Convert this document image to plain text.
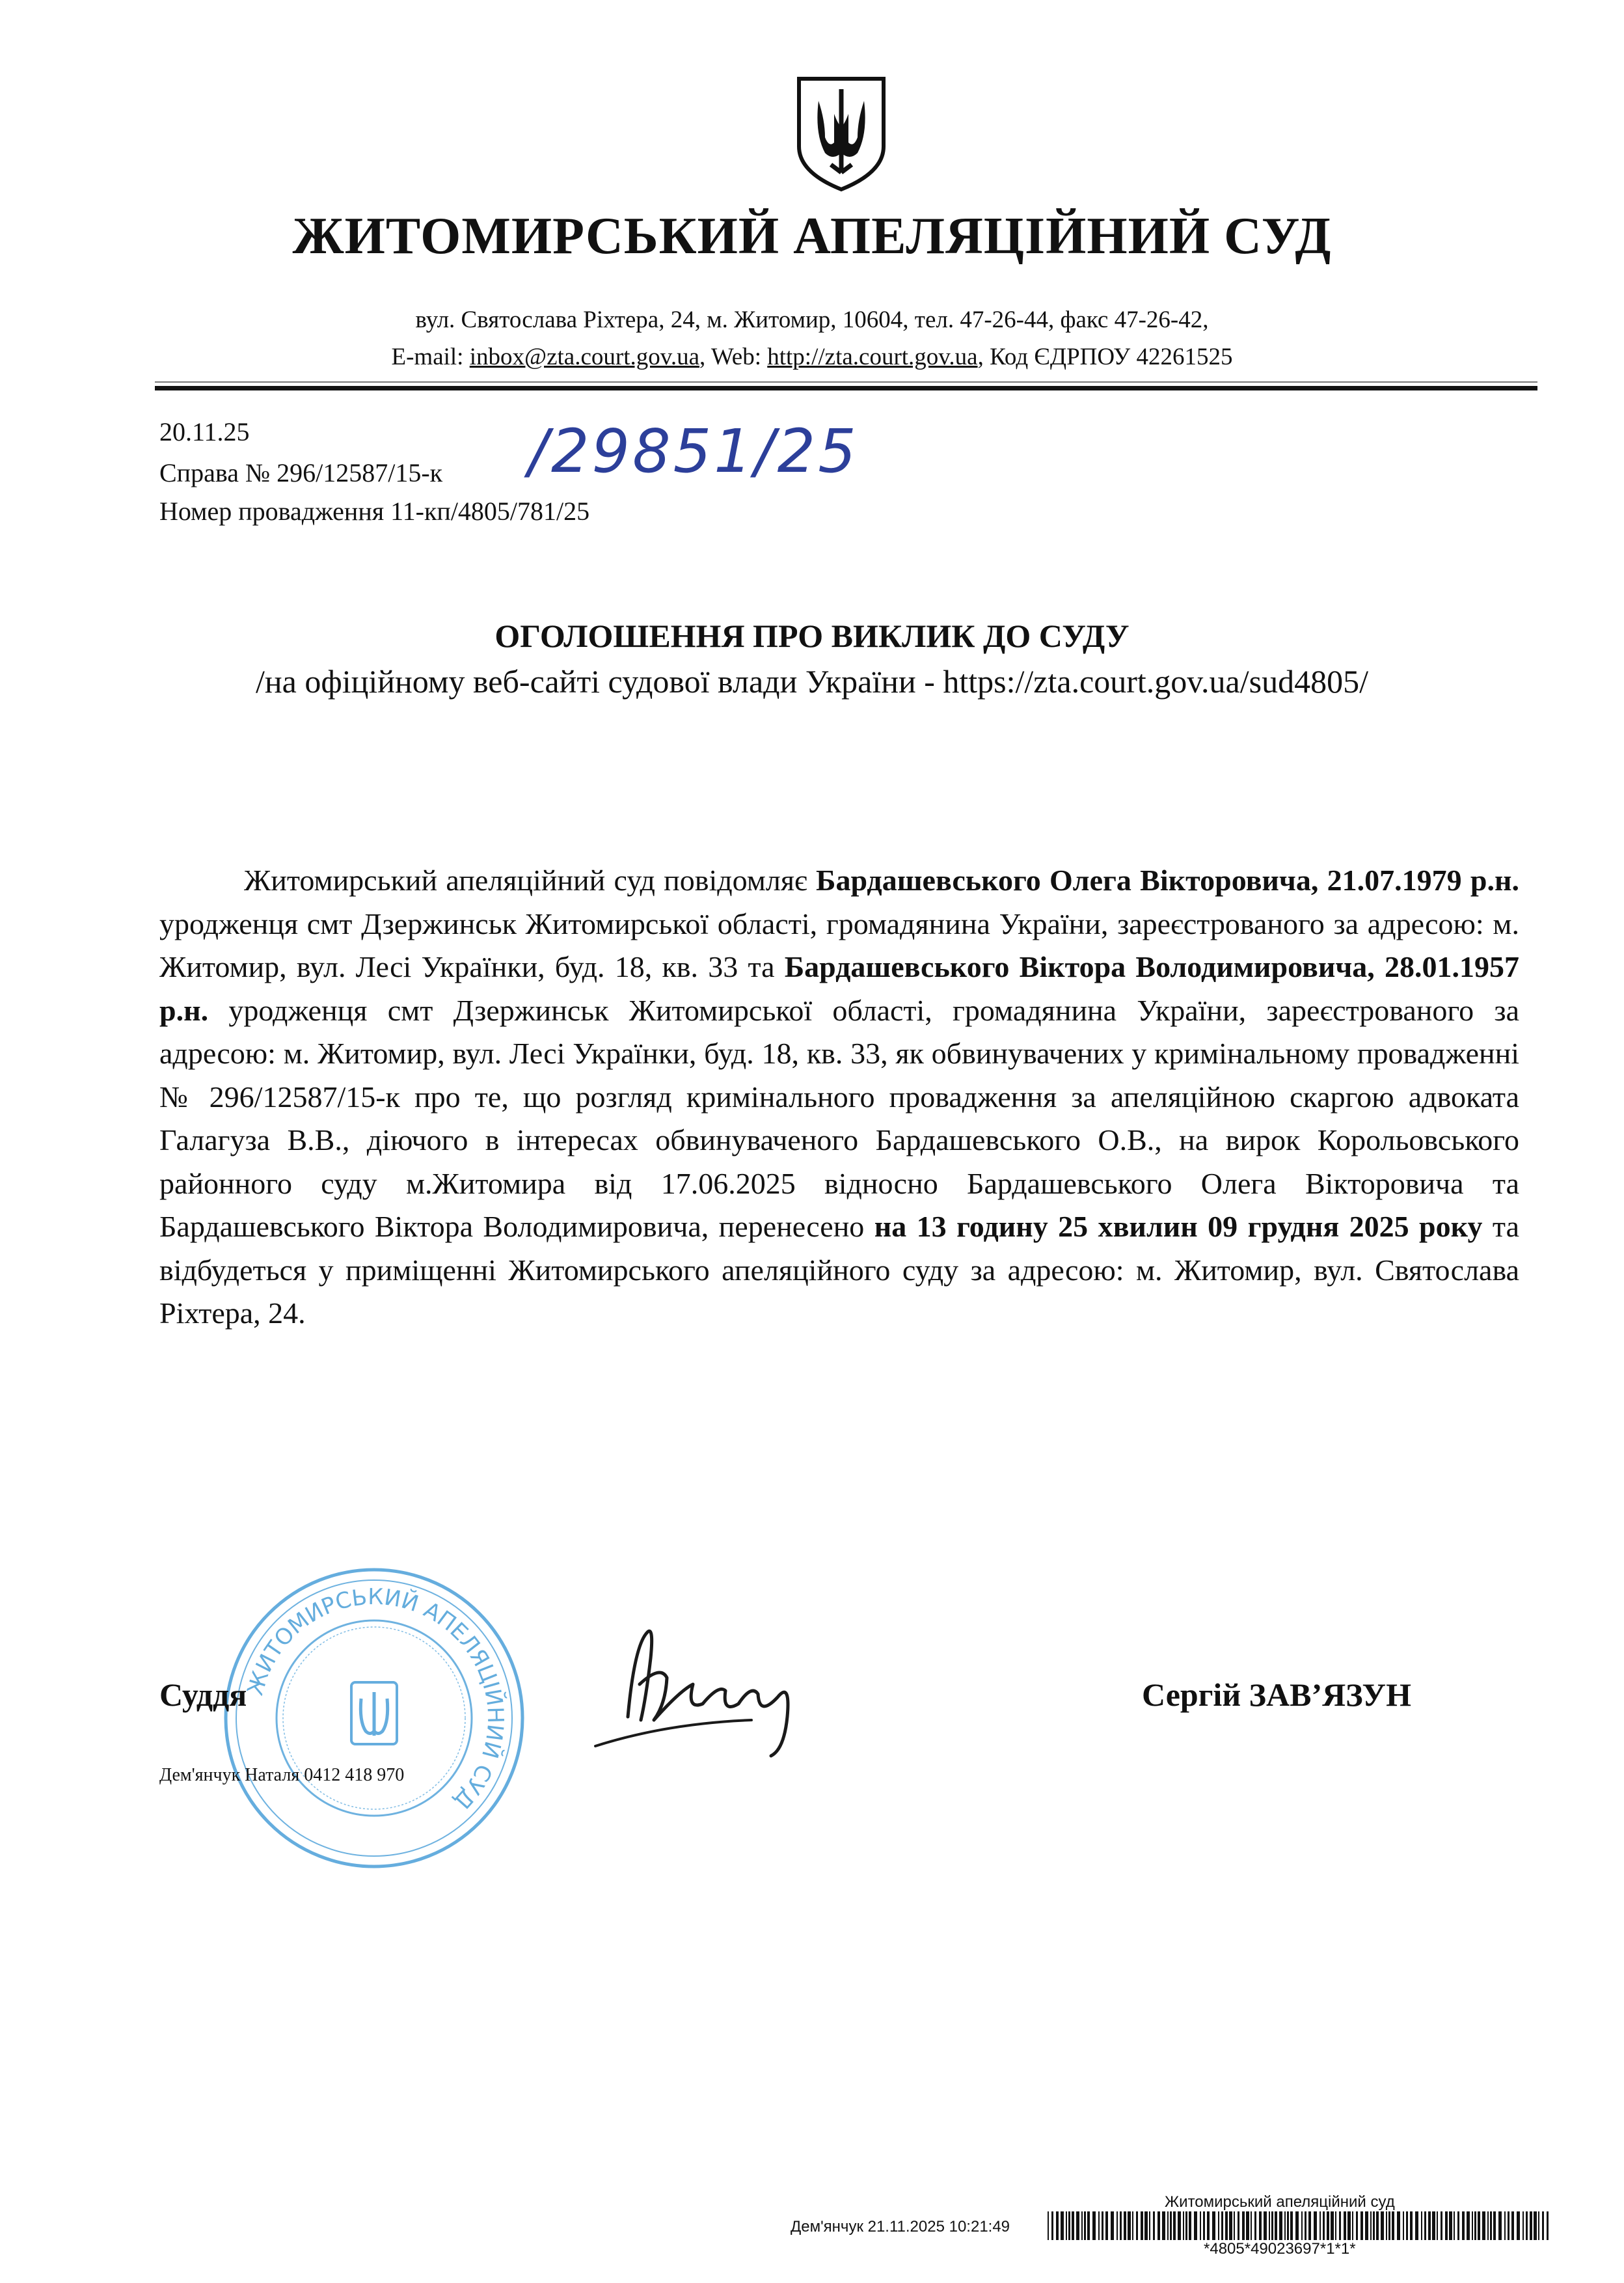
ЖИТОМИРСЬКИЙ АПЕЛЯЦІЙНИЙ СУД
вул. Святослава Ріхтера, 24, м. Житомир, 10604, тел. 47-26-44, факс 47-26-42,
E-mail: inbox@zta.court.gov.ua, Web: http://zta.court.gov.ua, Код ЄДРПОУ 42261525
20.11.25
Справа № 296/12587/15-к
Номер провадження 11-кп/4805/781/25
/29851/25
ОГОЛОШЕННЯ ПРО ВИКЛИК ДО СУДУ
/на офіційному веб-сайті судової влади України - https://zta.court.gov.ua/sud4805/
Житомирський апеляційний суд повідомляє Бардашевського Олега Вікторовича, 21.07.1979 р.н. уродженця смт Дзержинськ Житомирської області, громадянина України, зареєстрованого за адресою: м. Житомир, вул. Лесі Українки, буд. 18, кв. 33 та Бардашевського Віктора Володимировича, 28.01.1957 р.н. уродженця смт Дзержинськ Житомирської області, громадянина України, зареєстрованого за адресою: м. Житомир, вул. Лесі Українки, буд. 18, кв. 33, як обвинувачених у кримінальному провадженні № 296/12587/15-к про те, що розгляд кримінального провадження за апеляційною скаргою адвоката Галагуза В.В., діючого в інтересах обвинуваченого Бардашевського О.В., на вирок Корольовського районного суду м.Житомира від 17.06.2025 відносно Бардашевського Олега Вікторовича та Бардашевського Віктора Володимировича, перенесено на 13 годину 25 хвилин 09 грудня 2025 року та відбудеться у приміщенні Житомирського апеляційного суду за адресою: м. Житомир, вул. Святослава Ріхтера, 24.
ЖИТОМИРСЬКИЙ АПЕЛЯЦІЙНИЙ СУД
Суддя
Дем'янчук Наталя 0412 418 970
Сергій ЗАВ’ЯЗУН
Житомирський апеляційний суд
Дем'янчук 21.11.2025 10:21:49
*4805*49023697*1*1*
